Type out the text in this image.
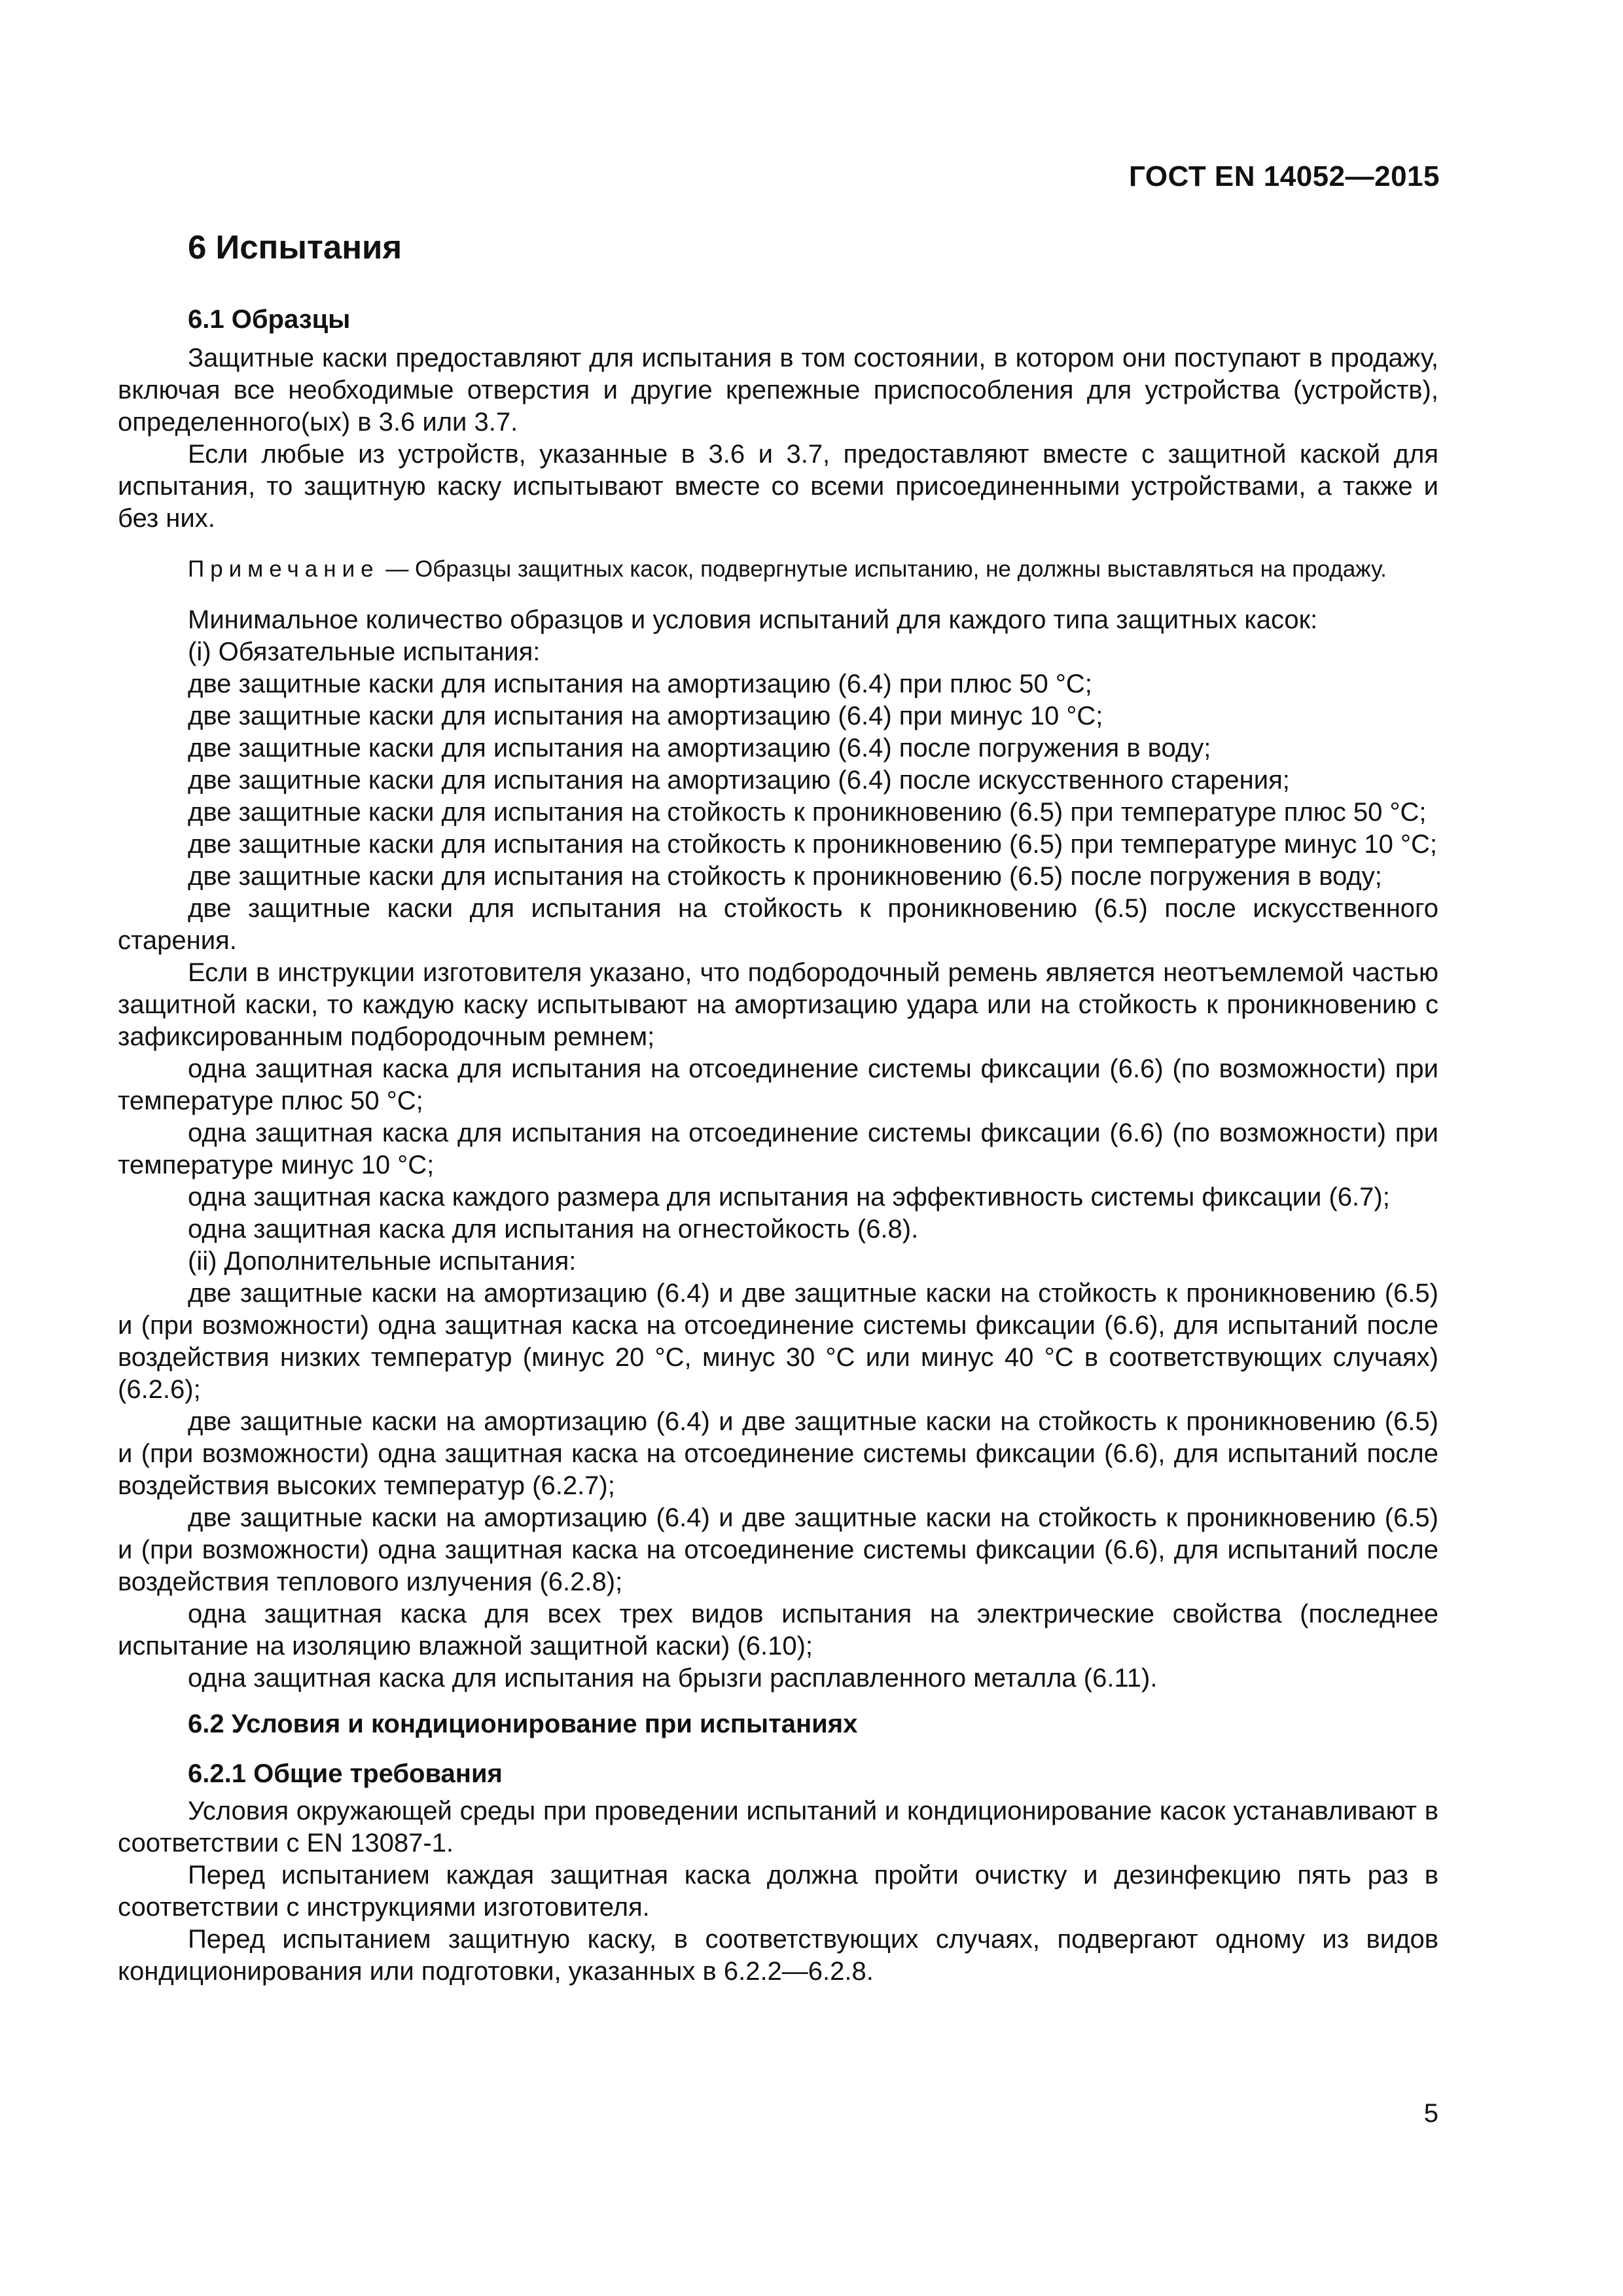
ГОСТ EN 14052—2015
6 Испытания
6.1 Образцы

Защитные каски предоставляют для испытания в том состоянии, в котором они поступают в продажу, включая все необходимые отверстия и другие крепежные приспособления для устройства (устройств), определенного(ых) в 3.6 или 3.7.

Если любые из устройств, указанные в 3.6 и 3.7, предоставляют вместе с защитной каской для испытания, то защитную каску испытывают вместе со всеми присоединенными устройствами, а также и без них.

Примечание — Образцы защитных касок, подвергнутые испытанию, не должны выставляться на продажу.

Минимальное количество образцов и условия испытаний для каждого типа защитных касок:

(i) Обязательные испытания:

две защитные каски для испытания на амортизацию (6.4) при плюс 50 °C;

две защитные каски для испытания на амортизацию (6.4) при минус 10 °C;

две защитные каски для испытания на амортизацию (6.4) после погружения в воду;

две защитные каски для испытания на амортизацию (6.4) после искусственного старения;

две защитные каски для испытания на стойкость к проникновению (6.5) при температуре плюс 50 °C;

две защитные каски для испытания на стойкость к проникновению (6.5) при температуре минус 10 °C;

две защитные каски для испытания на стойкость к проникновению (6.5) после погружения в воду;

две защитные каски для испытания на стойкость к проникновению (6.5) после искусственного старения.

Если в инструкции изготовителя указано, что подбородочный ремень является неотъемлемой частью защитной каски, то каждую каску испытывают на амортизацию удара или на стойкость к проникновению с зафиксированным подбородочным ремнем;

одна защитная каска для испытания на отсоединение системы фиксации (6.6) (по возможности) при температуре плюс 50 °C;

одна защитная каска для испытания на отсоединение системы фиксации (6.6) (по возможности) при температуре минус 10 °C;

одна защитная каска каждого размера для испытания на эффективность системы фиксации (6.7);

одна защитная каска для испытания на огнестойкость (6.8).

(ii) Дополнительные испытания:

две защитные каски на амортизацию (6.4) и две защитные каски на стойкость к проникновению (6.5) и (при возможности) одна защитная каска на отсоединение системы фиксации (6.6), для испытаний после воздействия низких температур (минус 20 °C, минус 30 °C или минус 40 °C в соответствующих случаях) (6.2.6);

две защитные каски на амортизацию (6.4) и две защитные каски на стойкость к проникновению (6.5) и (при возможности) одна защитная каска на отсоединение системы фиксации (6.6), для испытаний после воздействия высоких температур (6.2.7);

две защитные каски на амортизацию (6.4) и две защитные каски на стойкость к проникновению (6.5) и (при возможности) одна защитная каска на отсоединение системы фиксации (6.6), для испытаний после воздействия теплового излучения (6.2.8);

одна защитная каска для всех трех видов испытания на электрические свойства (последнее испытание на изоляцию влажной защитной каски) (6.10);

одна защитная каска для испытания на брызги расплавленного металла (6.11).

6.2 Условия и кондиционирование при испытаниях
6.2.1 Общие требования

Условия окружающей среды при проведении испытаний и кондиционирование касок устанавливают в соответствии с EN 13087-1.

Перед испытанием каждая защитная каска должна пройти очистку и дезинфекцию пять раз в соответствии с инструкциями изготовителя.

Перед испытанием защитную каску, в соответствующих случаях, подвергают одному из видов кондиционирования или подготовки, указанных в 6.2.2—6.2.8.

5
